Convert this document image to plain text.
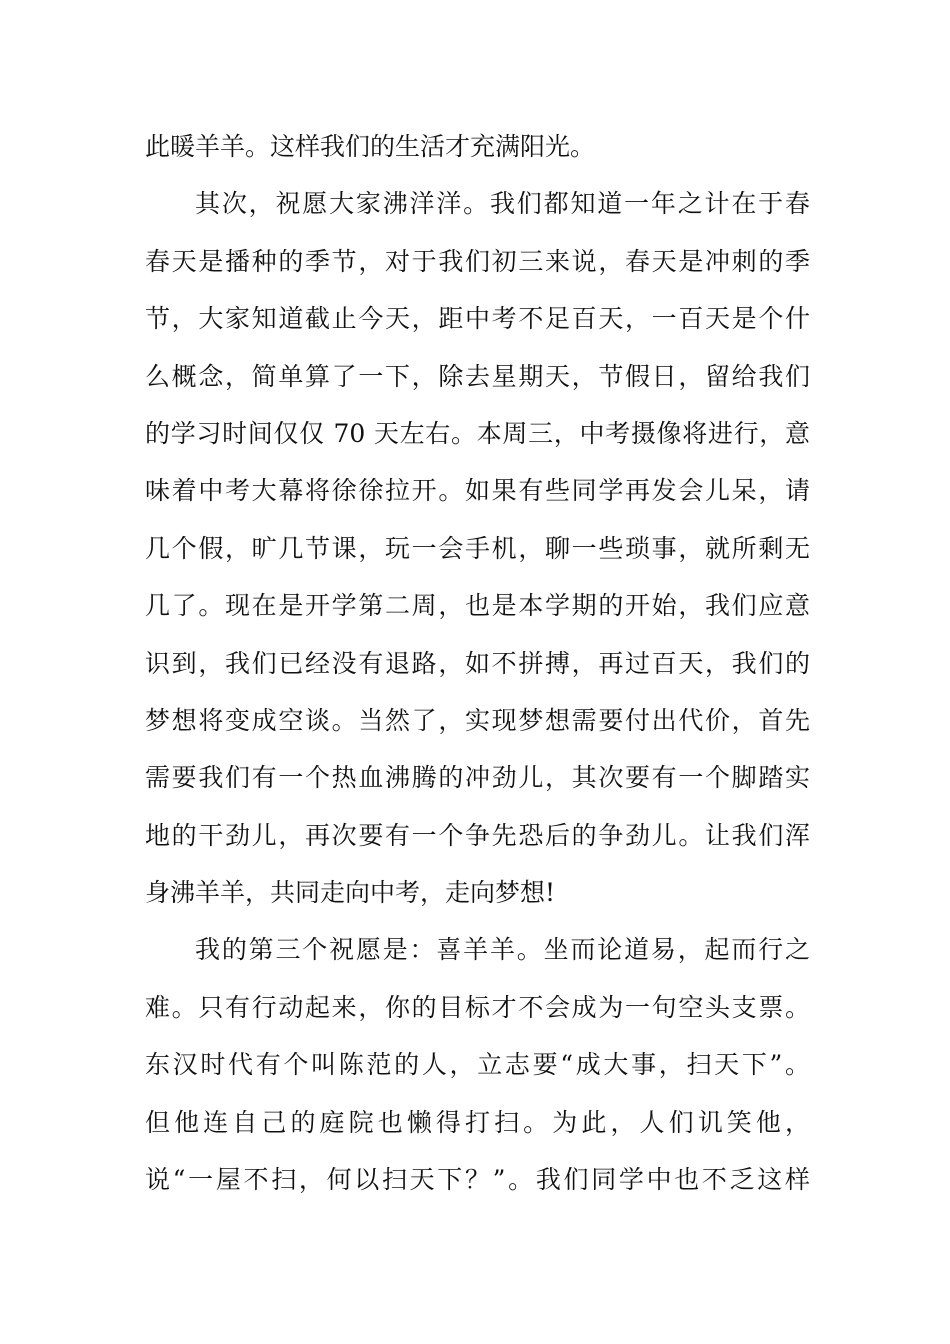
此暖羊羊。这样我们的生活才充满阳光。
其次，祝愿大家沸洋洋。我们都知道一年之计在于春
春天是播种的季节，对于我们初三来说，春天是冲刺的季
节，大家知道截止今天，距中考不足百天，一百天是个什
么概念，简单算了一下，除去星期天，节假日，留给我们
的学习时间仅仅 70 天左右。本周三，中考摄像将进行，意
味着中考大幕将徐徐拉开。如果有些同学再发会儿呆，请
几个假，旷几节课，玩一会手机，聊一些琐事，就所剩无
几了。现在是开学第二周，也是本学期的开始，我们应意
识到，我们已经没有退路，如不拼搏，再过百天，我们的
梦想将变成空谈。当然了，实现梦想需要付出代价，首先
需要我们有一个热血沸腾的冲劲儿，其次要有一个脚踏实
地的干劲儿，再次要有一个争先恐后的争劲儿。让我们浑
身沸羊羊，共同走向中考，走向梦想!
我的第三个祝愿是：喜羊羊。坐而论道易，起而行之
难。只有行动起来，你的目标才不会成为一句空头支票。
东汉时代有个叫陈范的人，立志要“成大事，扫天下”。
但他连自己的庭院也懒得打扫。为此，人们讥笑他，
说“一屋不扫，何以扫天下？”。我们同学中也不乏这样
